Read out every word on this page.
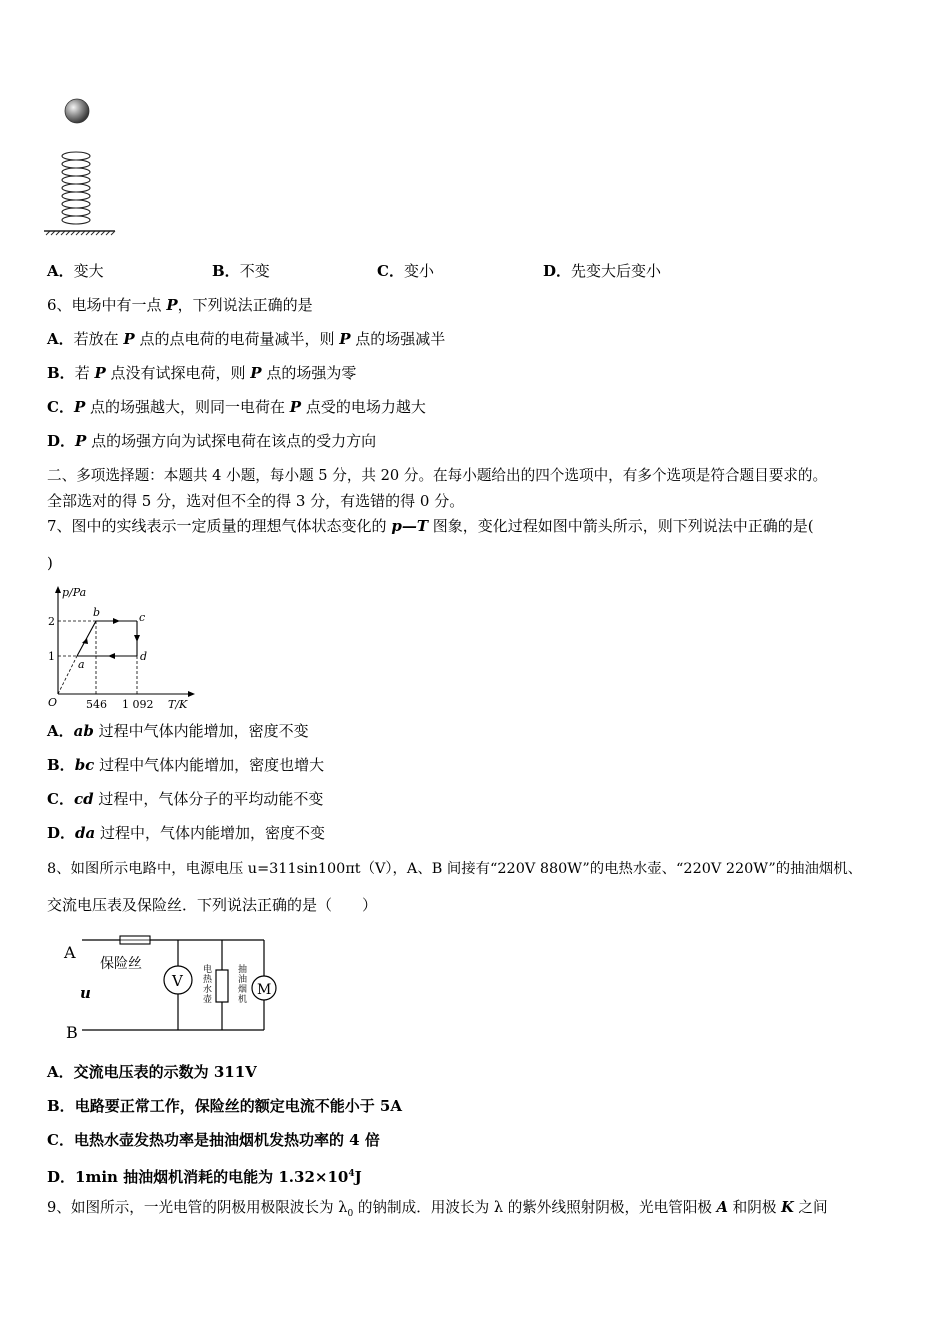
A．变大	B．不变	C．变小	D．先变大后变小
6、电场中有一点 P，下列说法正确的是
A．若放在 P 点的点电荷的电荷量减半，则 P 点的场强减半
B．若 P 点没有试探电荷，则 P 点的场强为零
C．P 点的场强越大，则同一电荷在 P 点受的电场力越大
D．P 点的场强方向为试探电荷在该点的受力方向
二、多项选择题：本题共 4 小题，每小题 5 分，共 20 分。在每小题给出的四个选项中，有多个选项是符合题目要求的。
全部选对的得 5 分，选对但不全的得 3 分，有选错的得 0 分。
7、图中的实线表示一定质量的理想气体状态变化的 p—T 图象，变化过程如图中箭头所示，则下列说法中正确的是(
)
p/Pa
T/K
O
2
1
546 1 092
a
b	c
d
A．ab 过程中气体内能增加，密度不变
B．bc 过程中气体内能增加，密度也增大
C．cd 过程中，气体分子的平均动能不变
D．da 过程中，气体内能增加，密度不变
8、如图所示电路中，电源电压 u=311sin100πt（V），A、B 间接有“220V 880W”的电热水壶、“220V 220W”的抽油烟机、
交流电压表及保险丝．下列说法正确的是（　　）
V	M
A
B
u
保险丝	电
热
水
壶
抽
油
烟
机
A．交流电压表的示数为 311V
B．电路要正常工作，保险丝的额定电流不能小于 5A
C．电热水壶发热功率是抽油烟机发热功率的 4 倍
D．1min 抽油烟机消耗的电能为 $1.32\times 10^4J$
9、如图所示，一光电管的阴极用极限波长为 $\lambda_0$ 的钠制成．用波长为 λ 的紫外线照射阴极，光电管阳极 A 和阴极 K 之间
